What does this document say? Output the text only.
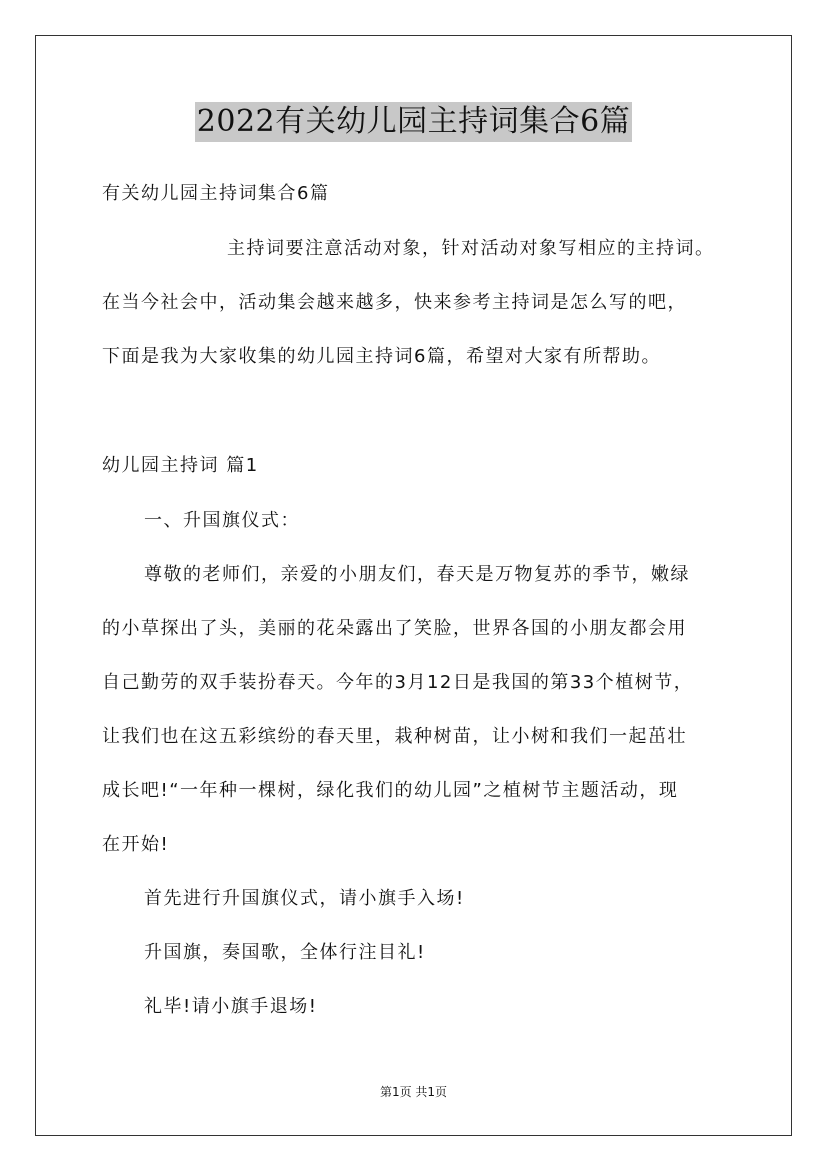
2022有关幼儿园主持词集合6篇
有关幼儿园主持词集合6篇
主持词要注意活动对象，针对活动对象写相应的主持词。
在当今社会中，活动集会越来越多，快来参考主持词是怎么写的吧，
下面是我为大家收集的幼儿园主持词6篇，希望对大家有所帮助。
幼儿园主持词 篇1
一、升国旗仪式：
尊敬的老师们，亲爱的小朋友们，春天是万物复苏的季节，嫩绿
的小草探出了头，美丽的花朵露出了笑脸，世界各国的小朋友都会用
自己勤劳的双手装扮春天。今年的3月12日是我国的第33个植树节，
让我们也在这五彩缤纷的春天里，栽种树苗，让小树和我们一起茁壮
成长吧!“一年种一棵树，绿化我们的幼儿园”之植树节主题活动，现
在开始!
首先进行升国旗仪式，请小旗手入场!
升国旗，奏国歌，全体行注目礼!
礼毕!请小旗手退场!
第1页 共1页
